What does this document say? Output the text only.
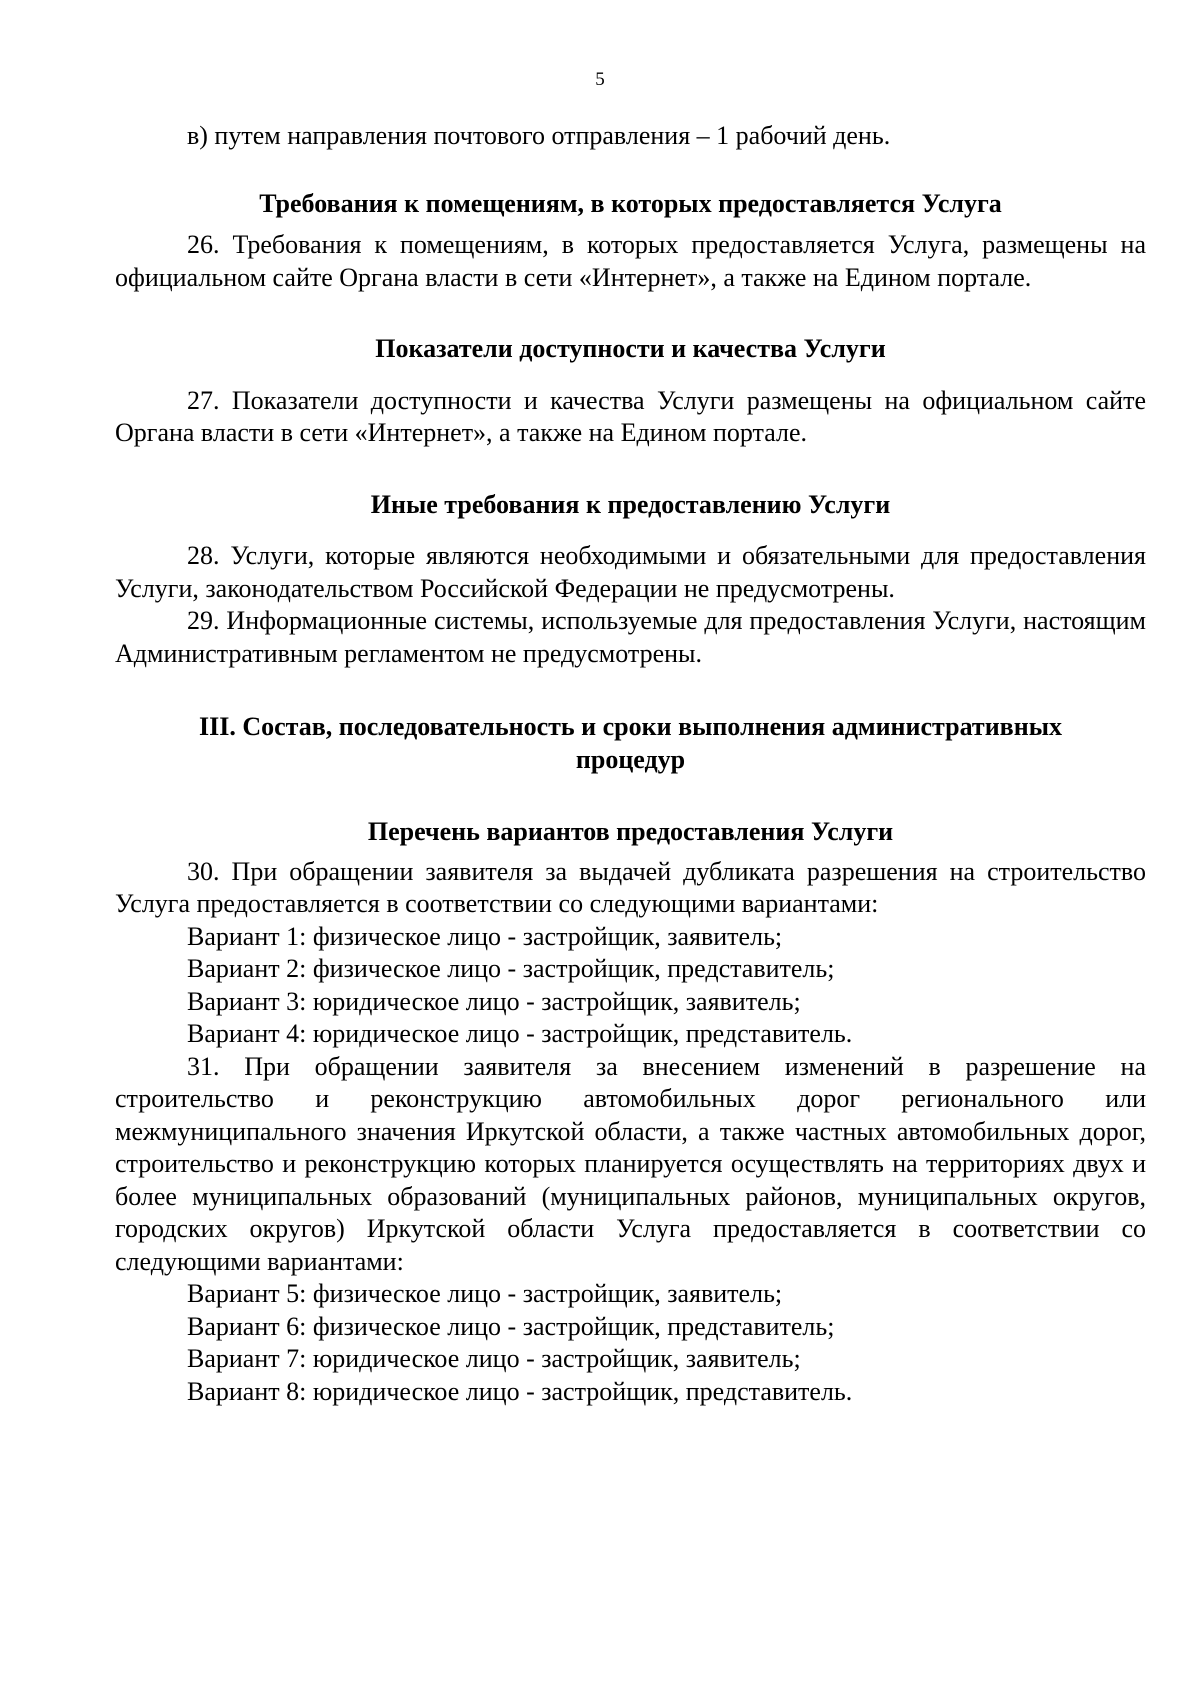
5

в) путем направления почтового отправления – 1 рабочий день.

Требования к помещениям, в которых предоставляется Услуга

26. Требования к помещениям, в которых предоставляется Услуга, размещены на официальном сайте Органа власти в сети «Интернет», а также на Едином портале.

Показатели доступности и качества Услуги

27. Показатели доступности и качества Услуги размещены на официальном сайте Органа власти в сети «Интернет», а также на Едином портале.

Иные требования к предоставлению Услуги

28. Услуги, которые являются необходимыми и обязательными для предоставления Услуги, законодательством Российской Федерации не предусмотрены.

29. Информационные системы, используемые для предоставления Услуги, настоящим Административным регламентом не предусмотрены.

III. Состав, последовательность и сроки выполнения административных

процедур

Перечень вариантов предоставления Услуги

30. При обращении заявителя за выдачей дубликата разрешения на строительство Услуга предоставляется в соответствии со следующими вариантами:

Вариант 1: физическое лицо - застройщик, заявитель;

Вариант 2: физическое лицо - застройщик, представитель;

Вариант 3: юридическое лицо - застройщик, заявитель;

Вариант 4: юридическое лицо - застройщик, представитель.

31. При обращении заявителя за внесением изменений в разрешение на строительство и реконструкцию автомобильных дорог регионального или межмуниципального значения Иркутской области, а также частных автомобильных дорог, строительство и реконструкцию которых планируется осуществлять на территориях двух и более муниципальных образований (муниципальных районов, муниципальных округов, городских округов) Иркутской области Услуга предоставляется в соответствии со следующими вариантами:

Вариант 5: физическое лицо - застройщик, заявитель;

Вариант 6: физическое лицо - застройщик, представитель;

Вариант 7: юридическое лицо - застройщик, заявитель;

Вариант 8: юридическое лицо - застройщик, представитель.
